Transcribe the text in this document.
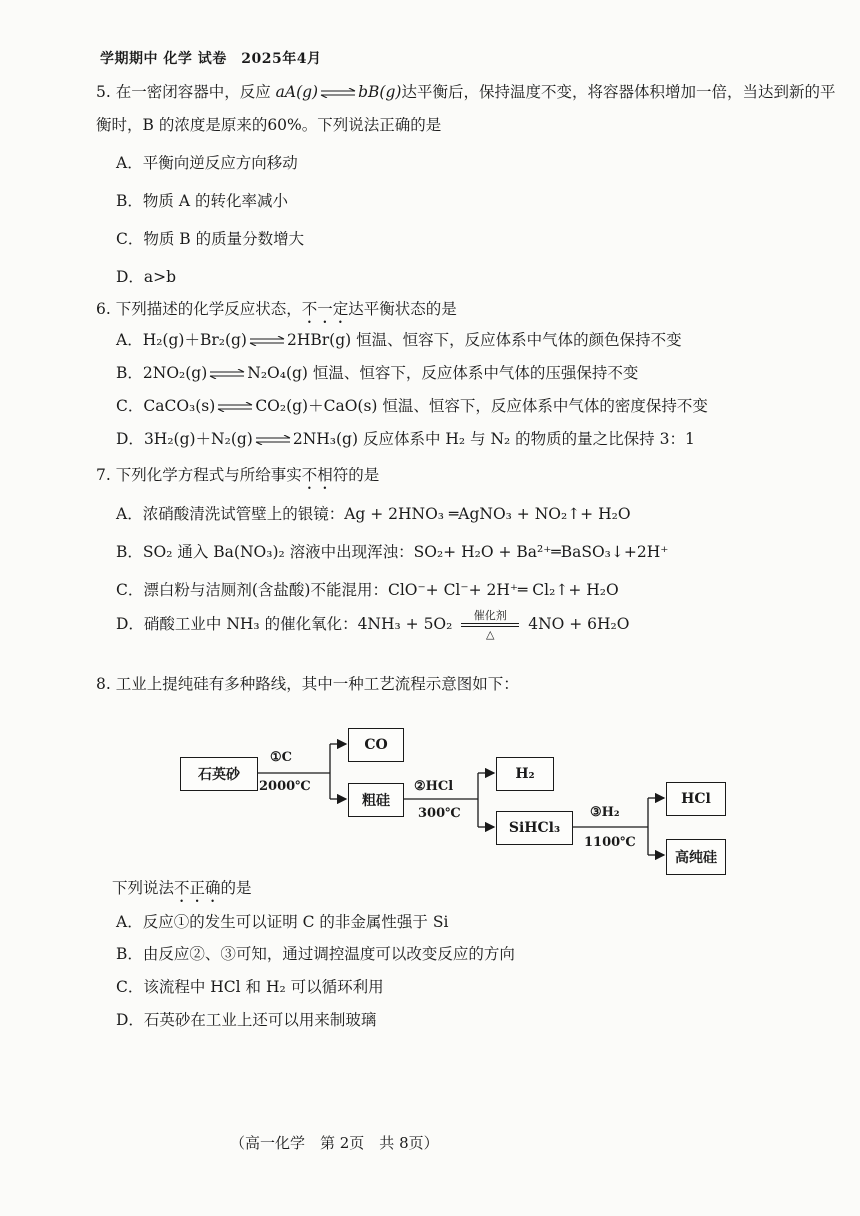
学期期中 化学 试卷　2025年4月
5. 在一密闭容器中，反应 aA(g) ⇌ bB(g)达平衡后，保持温度不变，将容器体积增加一倍，当达到新的平
衡时，B 的浓度是原来的60%。下列说法正确的是
A．平衡向逆反应方向移动
B．物质 A 的转化率减小
C．物质 B 的质量分数增大
D．a>b
6. 下列描述的化学反应状态，不一定达平衡状态的是
A．H₂(g)＋Br₂(g) ⇌ 2HBr(g) 恒温、恒容下，反应体系中气体的颜色保持不变
B．2NO₂(g) ⇌ N₂O₄(g) 恒温、恒容下，反应体系中气体的压强保持不变
C．CaCO₃(s) ⇌ CO₂(g)＋CaO(s) 恒温、恒容下，反应体系中气体的密度保持不变
D．3H₂(g)＋N₂(g) ⇌ 2NH₃(g) 反应体系中 H₂ 与 N₂ 的物质的量之比保持 3：1
7. 下列化学方程式与所给事实不相符的是
A．浓硝酸清洗试管壁上的银镜：Ag + 2HNO₃ ═AgNO₃ + NO₂↑+ H₂O
B．SO₂ 通入 Ba(NO₃)₂ 溶液中出现浑浊：SO₂+ H₂O + Ba²⁺═BaSO₃↓+2H⁺
C．漂白粉与洁厕剂(含盐酸)不能混用：ClO⁻+ Cl⁻+ 2H⁺═ Cl₂↑+ H₂O
D．硝酸工业中 NH₃ 的催化氧化：4NH₃ + 5O₂ 催化剂
△
4NO + 6H₂O
8. 工业上提纯硅有多种路线，其中一种工艺流程示意图如下：
石英砂
CO
粗硅
H₂
SiHCl₃
HCl
高纯硅
①C
2000℃	②HCl
300℃	③H₂
1100℃
下列说法不正确的是
A．反应①的发生可以证明 C 的非金属性强于 Si
B．由反应②、③可知，通过调控温度可以改变反应的方向
C．该流程中 HCl 和 H₂ 可以循环利用
D．石英砂在工业上还可以用来制玻璃
（高一化学　第 2页　共 8页）
